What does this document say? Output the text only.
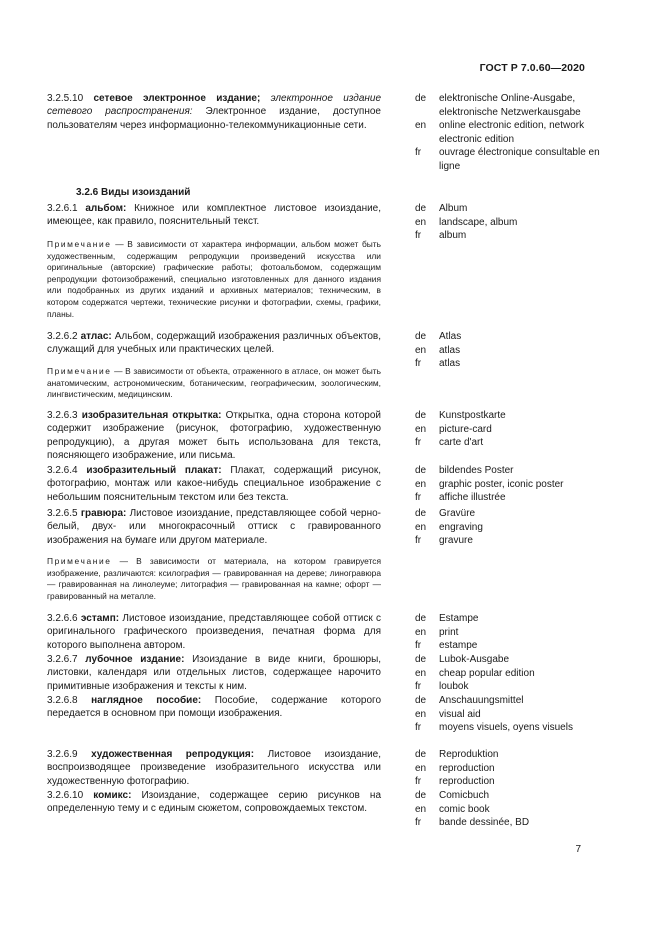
ГОСТ Р 7.0.60—2020

3.2.5.10 сетевое электронное издание; электронное издание сетевого распространения: Электронное издание, доступное пользователям через информационно-телекоммуникационные сети.

de	elektronische Online-Ausgabe, elektronische Netzwerkausgabe
en	online electronic edition, network electronic edition
fr	ouvrage électronique consultable en ligne
3.2.6 Виды изоизданий

3.2.6.1 альбом: Книжное или комплектное листовое изоиздание, имеющее, как правило, пояснительный текст.

de	Album
en	landscape, album
fr	album

Примечание — В зависимости от характера информации, альбом может быть художественным, содержащим репродукции произведений искусства или оригинальные (авторские) графические работы; фотоальбомом, содержащим репродукции фотоизображений, специально изготовленных для данного издания или подобранных из других изданий и архивных материалов; техническим, в котором содержатся чертежи, технические рисунки и фотографии, схемы, графики, планы.

3.2.6.2 атлас: Альбом, содержащий изображения различных объектов, служащий для учебных или практических целей.

de	Atlas
en	atlas
fr	atlas

Примечание — В зависимости от объекта, отраженного в атласе, он может быть анатомическим, астрономическим, ботаническим, географическим, зоологическим, лингвистическим, медицинским.

3.2.6.3 изобразительная открытка: Открытка, одна сторона которой содержит изображение (рисунок, фотографию, художественную репродукцию), а другая может быть использована для текста, поясняющего изображение, или письма.

de	Kunstpostkarte
en	picture-card
fr	carte d'art

3.2.6.4 изобразительный плакат: Плакат, содержащий рисунок, фотографию, монтаж или какое-нибудь специальное изображение с небольшим пояснительным текстом или без текста.

de	bildendes Poster
en	graphic poster, iconic poster
fr	affiche illustrée

3.2.6.5 гравюра: Листовое изоиздание, представляющее собой черно-белый, двух- или многокрасочный оттиск с гравированного изображения на бумаге или другом материале.

de	Gravüre
en	engraving
fr	gravure

Примечание — В зависимости от материала, на котором гравируется изображение, различаются: ксилография — гравированная на дереве; линогравюра — гравированная на линолеуме; литография — гравированная на камне; офорт — гравированный на металле.

3.2.6.6 эстамп: Листовое изоиздание, представляющее собой оттиск с оригинального графического произведения, печатная форма для которого выполнена автором.

de	Estampe
en	print
fr	estampe

3.2.6.7 лубочное издание: Изоиздание в виде книги, брошюры, листовки, календаря или отдельных листов, содержащее нарочито примитивные изображения и тексты к ним.

de	Lubok-Ausgabe
en	cheap popular edition
fr	loubok

3.2.6.8 наглядное пособие: Пособие, содержание которого передается в основном при помощи изображения.

de	Anschauungsmittel
en	visual aid
fr	moyens visuels, oyens visuels

3.2.6.9 художественная репродукция: Листовое изоиздание, воспроизводящее произведение изобразительного искусства или художественную фотографию.

de	Reproduktion
en	reproduction
fr	reproduction

3.2.6.10 комикс: Изоиздание, содержащее серию рисунков на определенную тему и с единым сюжетом, сопровождаемых текстом.

de	Comicbuch
en	comic book
fr	bande dessinée, BD
7
